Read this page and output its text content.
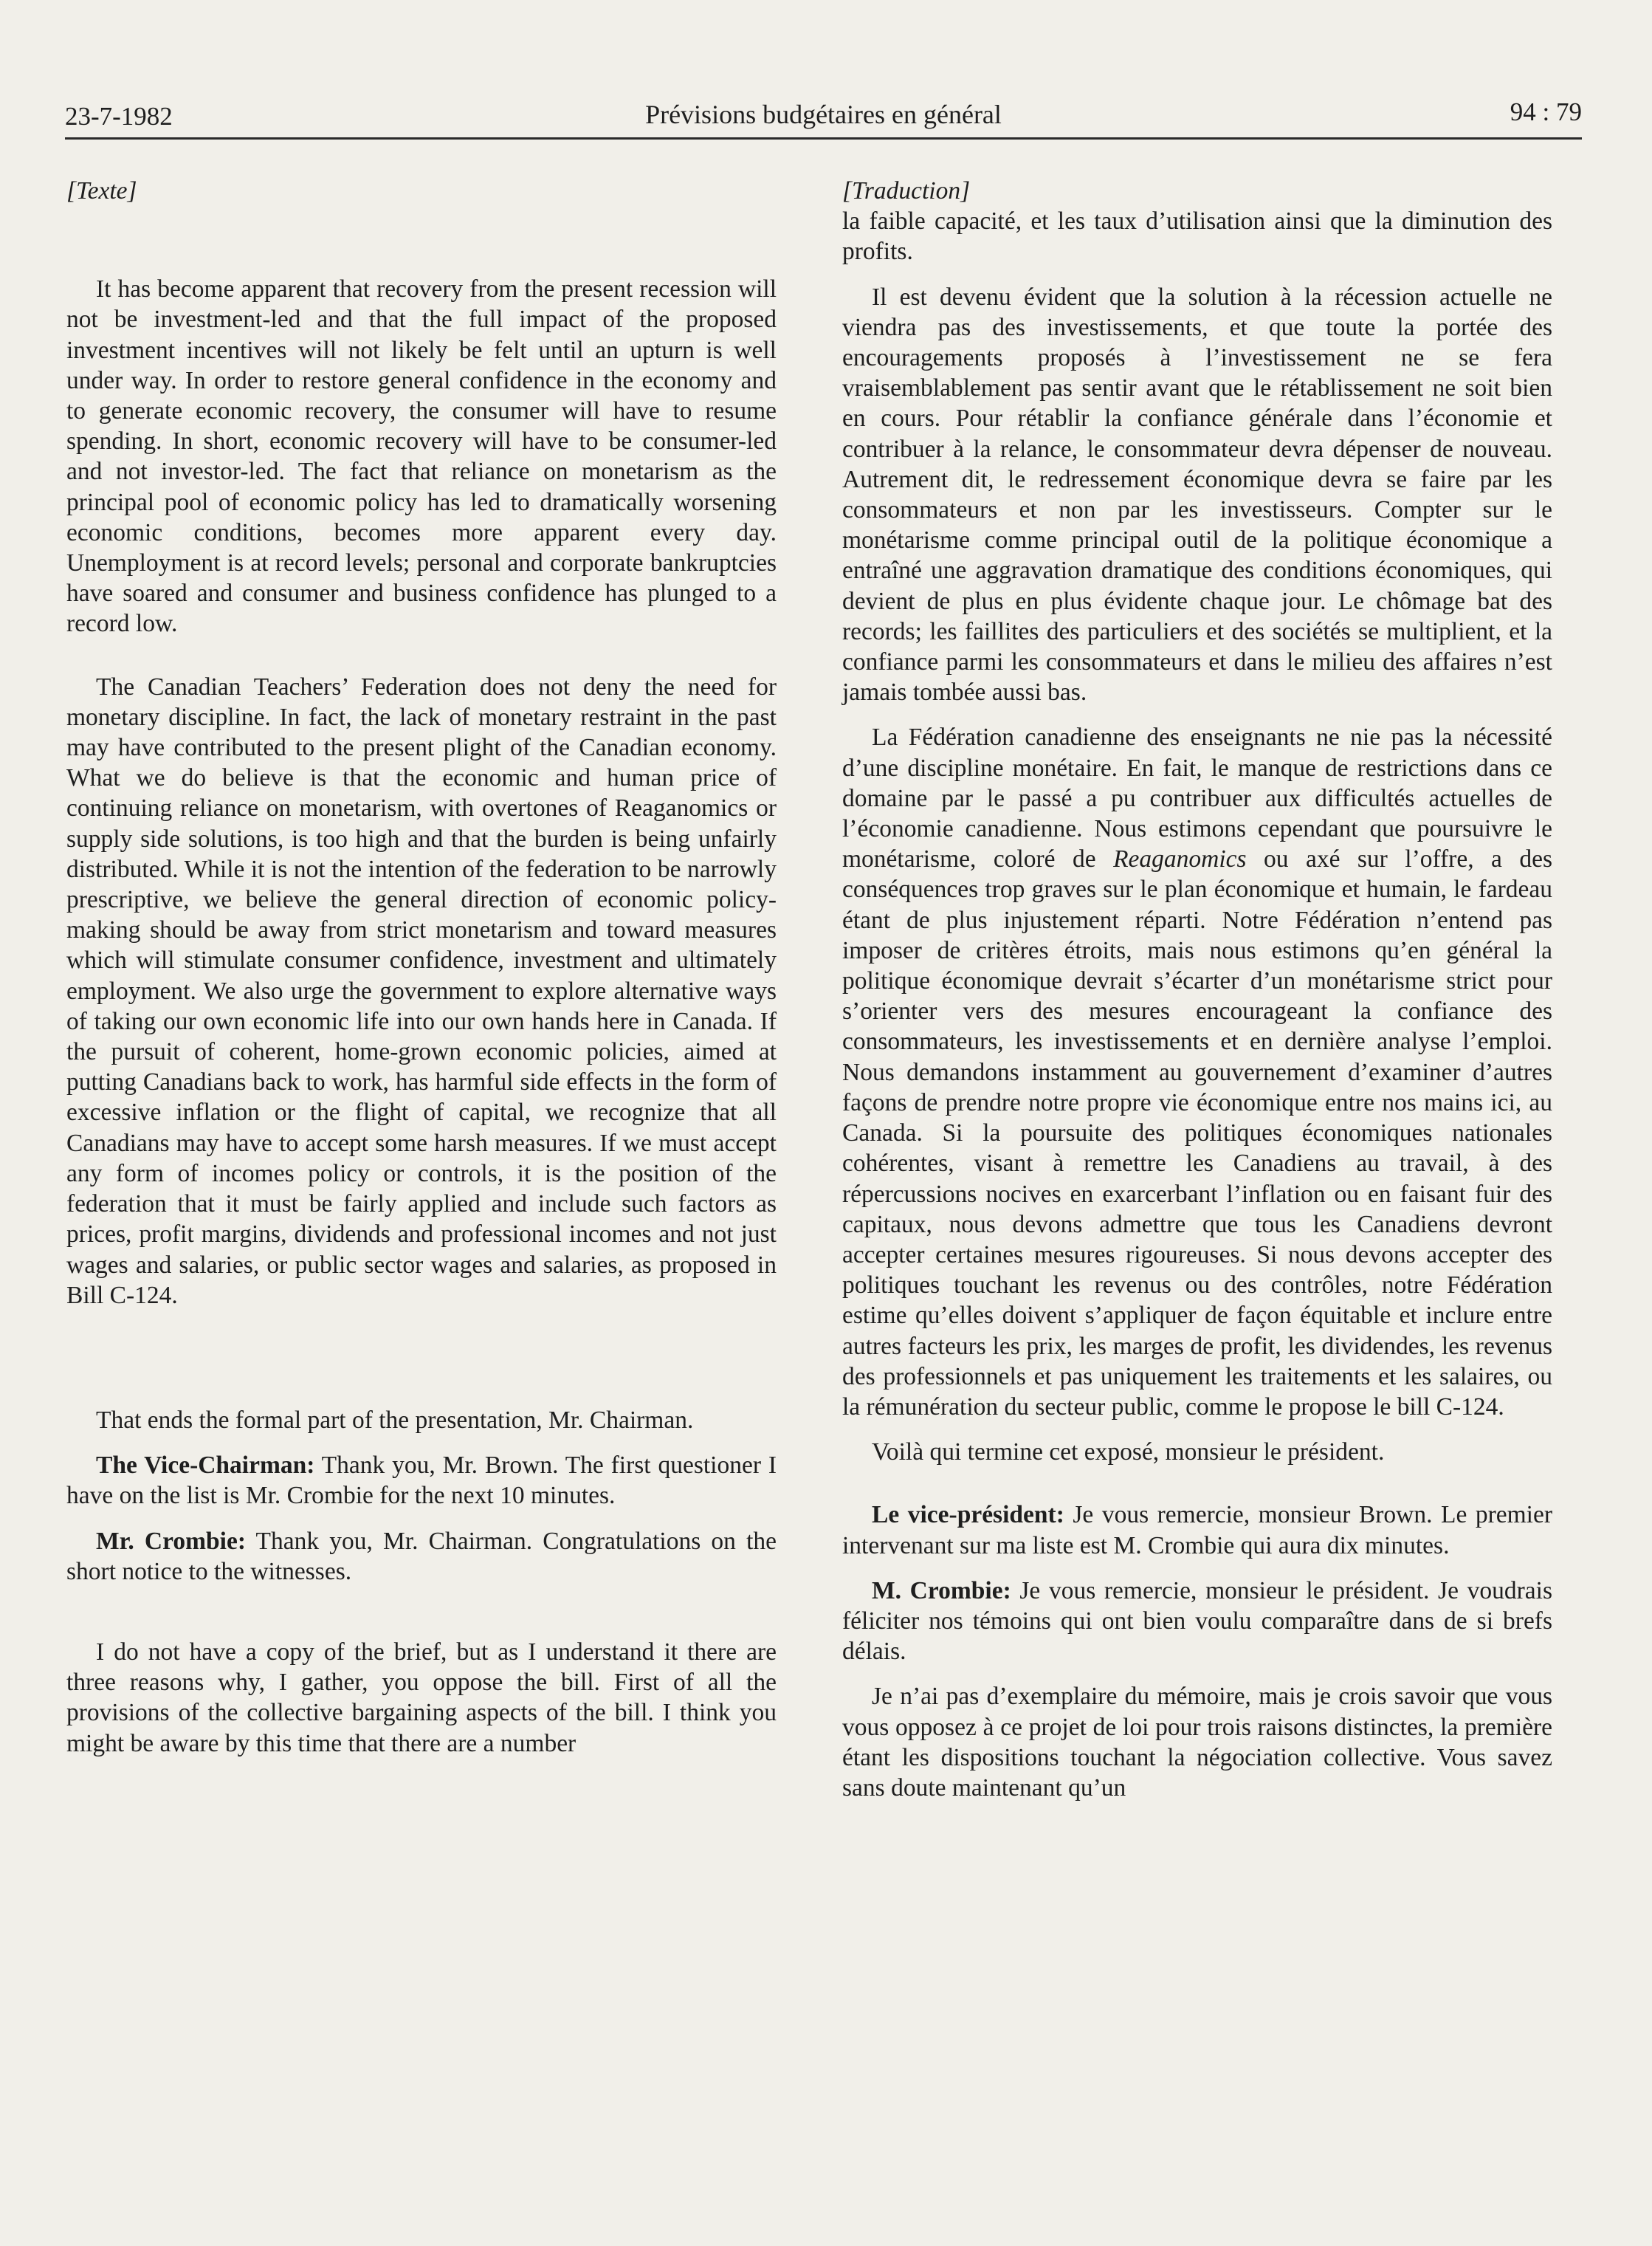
23-7-1982	Prévisions budgétaires en général	94 : 79
[Texte]

It has become apparent that recovery from the present recession will not be investment-led and that the full impact of the proposed investment incentives will not likely be felt until an upturn is well under way. In order to restore general confidence in the economy and to generate economic recovery, the consumer will have to resume spending. In short, economic recovery will have to be consumer-led and not investor-led. The fact that reliance on monetarism as the principal pool of economic policy has led to dramatically worsening economic conditions, becomes more apparent every day. Unemployment is at record levels; personal and corporate bankruptcies have soared and consumer and business confidence has plunged to a record low.

The Canadian Teachers’ Federation does not deny the need for monetary discipline. In fact, the lack of monetary restraint in the past may have contributed to the present plight of the Canadian economy. What we do believe is that the economic and human price of continuing reliance on monetarism, with overtones of Reaganomics or supply side solutions, is too high and that the burden is being unfairly distributed. While it is not the intention of the federation to be narrowly prescriptive, we believe the general direction of economic policy-making should be away from strict monetarism and toward measures which will stimulate consumer confidence, investment and ultimately employment. We also urge the government to explore alternative ways of taking our own economic life into our own hands here in Canada. If the pursuit of coherent, home-grown economic policies, aimed at putting Canadians back to work, has harmful side effects in the form of excessive inflation or the flight of capital, we recognize that all Canadians may have to accept some harsh measures. If we must accept any form of incomes policy or controls, it is the position of the federation that it must be fairly applied and include such factors as prices, profit margins, dividends and professional incomes and not just wages and salaries, or public sector wages and salaries, as proposed in Bill C-124.

That ends the formal part of the presentation, Mr. Chairman.

The Vice-Chairman: Thank you, Mr. Brown. The first questioner I have on the list is Mr. Crombie for the next 10 minutes.

Mr. Crombie: Thank you, Mr. Chairman. Congratulations on the short notice to the witnesses.

I do not have a copy of the brief, but as I understand it there are three reasons why, I gather, you oppose the bill. First of all the provisions of the collective bargaining aspects of the bill. I think you might be aware by this time that there are a number

[Traduction]

la faible capacité, et les taux d’utilisation ainsi que la diminution des profits.

Il est devenu évident que la solution à la récession actuelle ne viendra pas des investissements, et que toute la portée des encouragements proposés à l’investissement ne se fera vraisemblablement pas sentir avant que le rétablissement ne soit bien en cours. Pour rétablir la confiance générale dans l’économie et contribuer à la relance, le consommateur devra dépenser de nouveau. Autrement dit, le redressement économique devra se faire par les consommateurs et non par les investisseurs. Compter sur le monétarisme comme principal outil de la politique économique a entraîné une aggravation dramatique des conditions économiques, qui devient de plus en plus évidente chaque jour. Le chômage bat des records; les faillites des particuliers et des sociétés se multiplient, et la confiance parmi les consommateurs et dans le milieu des affaires n’est jamais tombée aussi bas.

La Fédération canadienne des enseignants ne nie pas la nécessité d’une discipline monétaire. En fait, le manque de restrictions dans ce domaine par le passé a pu contribuer aux difficultés actuelles de l’économie canadienne. Nous estimons cependant que poursuivre le monétarisme, coloré de Reaganomics ou axé sur l’offre, a des conséquences trop graves sur le plan économique et humain, le fardeau étant de plus injustement réparti. Notre Fédération n’entend pas imposer de critères étroits, mais nous estimons qu’en général la politique économique devrait s’écarter d’un monétarisme strict pour s’orienter vers des mesures encourageant la confiance des consommateurs, les investissements et en dernière analyse l’emploi. Nous demandons instamment au gouvernement d’examiner d’autres façons de prendre notre propre vie économique entre nos mains ici, au Canada. Si la poursuite des politiques économiques nationales cohérentes, visant à remettre les Canadiens au travail, à des répercussions nocives en exarcerbant l’inflation ou en faisant fuir des capitaux, nous devons admettre que tous les Canadiens devront accepter certaines mesures rigoureuses. Si nous devons accepter des politiques touchant les revenus ou des contrôles, notre Fédération estime qu’elles doivent s’appliquer de façon équitable et inclure entre autres facteurs les prix, les marges de profit, les dividendes, les revenus des professionnels et pas uniquement les traitements et les salaires, ou la rémunération du secteur public, comme le propose le bill C-124.

Voilà qui termine cet exposé, monsieur le président.

Le vice-président: Je vous remercie, monsieur Brown. Le premier intervenant sur ma liste est M. Crombie qui aura dix minutes.

M. Crombie: Je vous remercie, monsieur le président. Je voudrais féliciter nos témoins qui ont bien voulu comparaître dans de si brefs délais.

Je n’ai pas d’exemplaire du mémoire, mais je crois savoir que vous vous opposez à ce projet de loi pour trois raisons distinctes, la première étant les dispositions touchant la négociation collective. Vous savez sans doute maintenant qu’un
